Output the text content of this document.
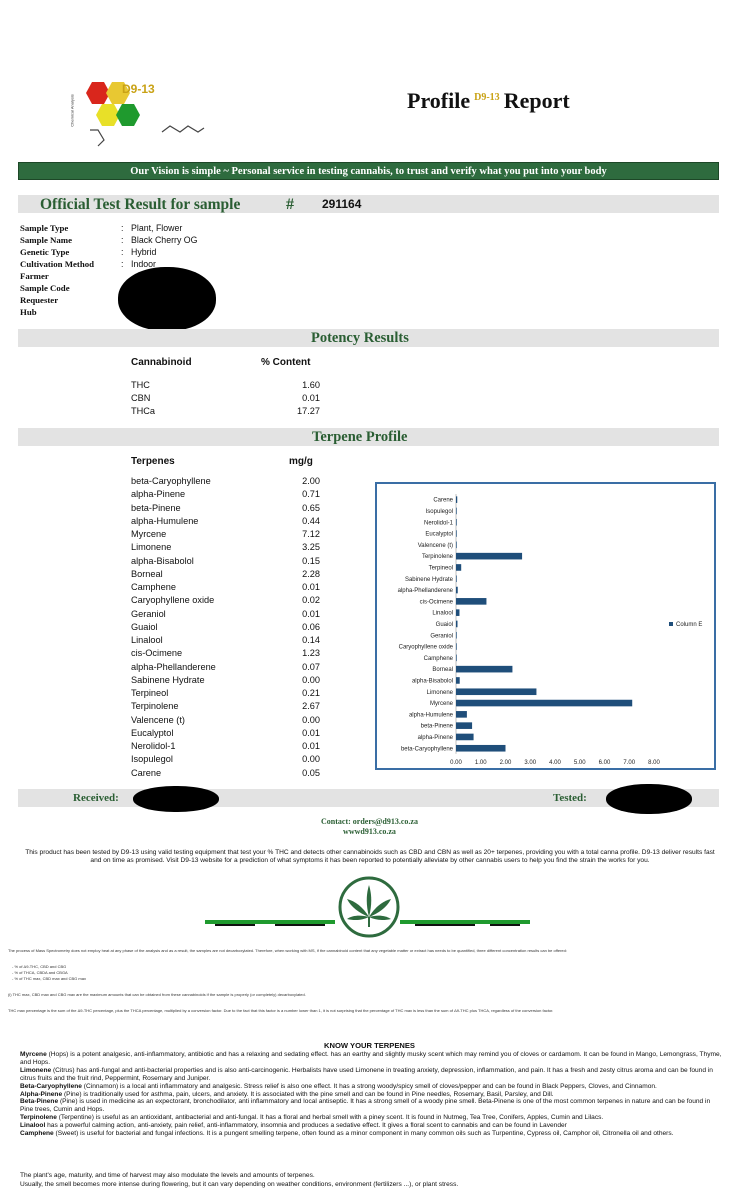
D9-13
Chemical Analysis	Profile $^{D9-13}$ Report
Our Vision is simple ~ Personal service in testing cannabis, to trust and verify what you put into your body
Official Test Result for sample	# 291164
Sample Type	: Plant, Flower
Sample Name	: Black Cherry OG
Genetic Type	: Hybrid
Cultivation Method	: Indoor
Farmer
Sample Code
Requester
Hub
Potency Results
Cannabinoid	% Content
THC	1.60
CBN	0.01
THCa	17.27
Terpene Profile
Terpenes	mg/g
beta-Caryophyllene	2.00
alpha-Pinene	0.71
beta-Pinene	0.65
alpha-Humulene	0.44
Myrcene	7.12
Limonene	3.25
alpha-Bisabolol	0.15
Borneal	2.28
Camphene	0.01
Caryophyllene oxide	0.02
Geraniol	0.01
Guaiol	0.06
Linalool	0.14
cis-Ocimene	1.23
alpha-Phellanderene	0.07
Sabinene Hydrate	0.00
Terpineol	0.21
Terpinolene	2.67
Valencene (t)	0.00
Eucalyptol	0.01
Nerolidol-1	0.01
Isopulegol	0.00
Carene	0.05
Carene
Isopulegol
Nerolidol-1
Eucalyptol
Valencene (t)
Terpinolene
Terpineol
Sabinene Hydrate
alpha-Phellanderene
cis-Ocimene
Linalool
Guaiol
Geraniol
Caryophyllene oxide
Camphene
Borneal
alpha-Bisabolol
Limonene
Myrcene
alpha-Humulene
beta-Pinene
alpha-Pinene
beta-Caryophyllene
0.00 1.00 2.00 3.00 4.00 5.00 6.00 7.00 8.00
Column E
Received:	Tested:
Contact: orders@d913.co.za
wwwd913.co.za
This product has been tested by D9-13 using valid testing equipment that test your % THC and detects other cannabinoids such as CBD and CBN as well as 20+ terpenes, providing you with a total canna profile. D9-13 deliver results fast and on time as promised. Visit D9-13 website for a prediction of what symptoms it has been reported to potentially alleviate by other cannabis users to help you find the strain the works for you.
The process of Mass Spectrometry does not employ heat at any phase of the analysis and as a result, the samples are not decarboxylated. Therefore, when working with MS, if the cannabinoid content that any vegetable matter or extract has needs to be quantified, three different concentration results can be offered:
- % of Δ9-THC, CBD and CBG
- % of THCA, CBDA and CBGA
- % of THC max, CBD max and CBG max
(i) THC max, CBD max and CBG max are the maximum amounts that can be obtained from these cannabinoids if the sample is properly (or completely) decarboxylated.
THC max percentage is the sum of the Δ9-THC percentage, plus the THCA percentage, multiplied by a conversion factor. Due to the fact that this factor is a number lower than 1, it is not surprising that the percentage of THC max is less than the sum of Δ9-THC plus THCA, regardless of the conversion factor.
KNOW YOUR TERPENES
Myrcene (Hops) is a potent analgesic, anti-inflammatory, antibiotic and has a relaxing and sedating effect. has an earthy and slightly musky scent which may remind you of cloves or cardamom. It can be found in Mango, Lemongrass, Thyme, and Hops.
Limonene (Citrus) has anti-fungal and anti-bacterial properties and is also anti-carcinogenic. Herbalists have used Limonene in treating anxiety, depression, inflammation, and pain. It has a fresh and zesty citrus aroma and can be found in citrus fruits and the fruit rind, Peppermint, Rosemary and Juniper.
Beta-Caryophyllene (Cinnamon) is a local anti inflammatory and analgesic. Stress relief is also one effect. It has a strong woody/spicy smell of cloves/pepper and can be found in Black Peppers, Cloves, and Cinnamon.
Alpha-Pinene (Pine) is traditionally used for asthma, pain, ulcers, and anxiety. It is associated with the pine smell and can be found in Pine needles, Rosemary, Basil, Parsley, and Dill.
Beta-Pinene (Pine) is used in medicine as an expectorant, bronchodilator, anti inflammatory and local antiseptic. It has a strong smell of a woody pine smell. Beta-Pinene is one of the most common terpenes in nature and can be found in Pine trees, Cumin and Hops.
Terpinolene (Terpentine) is useful as an antioxidant, antibacterial and anti-fungal. It has a floral and herbal smell with a piney scent. It is found in Nutmeg, Tea Tree, Conifers, Apples, Cumin and Lilacs.
Linalool has a powerful calming action, anti-anxiety, pain relief, anti-inflammatory, insomnia and produces a sedative effect. It gives a floral scent to cannabis and can be found in Lavender
Camphene (Sweet) is useful for bacterial and fungal infections. It is a pungent smelling terpene, often found as a minor component in many common oils such as Turpentine, Cypress oil, Camphor oil, Citronella oil and others.
The plant's age, maturity, and time of harvest may also modulate the levels and amounts of terpenes.
Usually, the smell becomes more intense during flowering, but it can vary depending on weather conditions, environment (fertilizers ...), or plant stress.
